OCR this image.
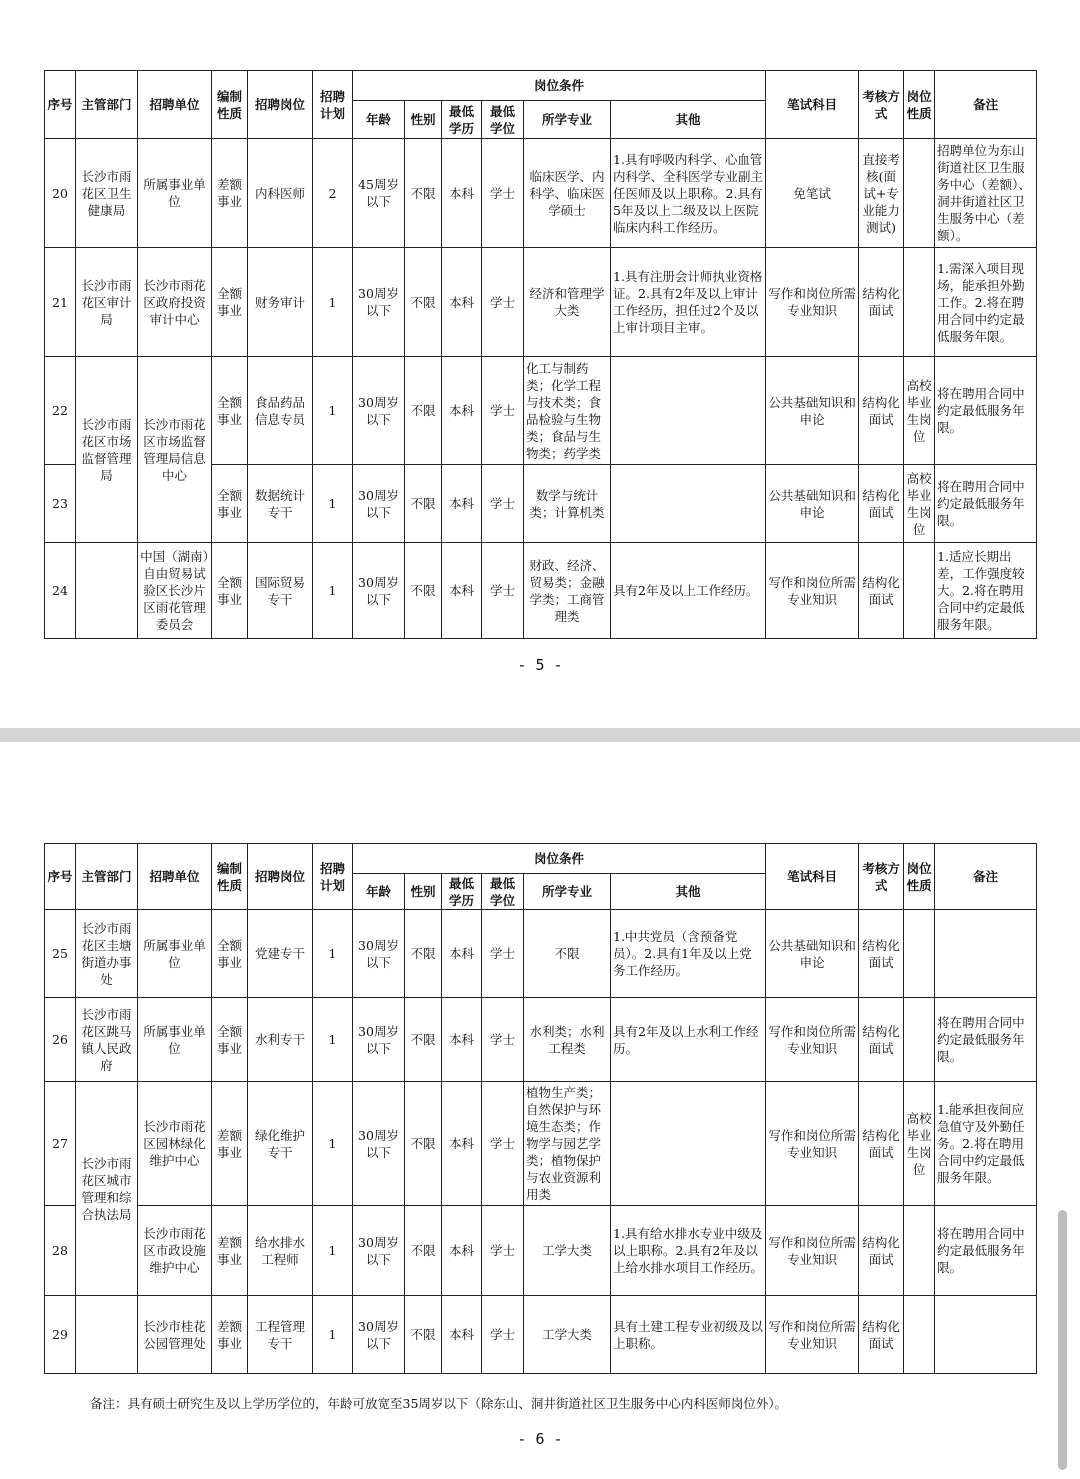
序号	主管部门	招聘单位	编制性质	招聘岗位	招聘计划	岗位条件						笔试科目	考核方式	岗位性质	备注
						年龄	性别	最低学历	最低学位	所学专业	其他				
20	长沙市雨花区卫生健康局	所属事业单位	差额事业	内科医师	2	45周岁以下	不限	本科	学士	临床医学、内科学、临床医学硕士	1.具有呼吸内科学、心血管内科学、全科医学专业副主任医师及以上职称。2.具有5年及以上二级及以上医院临床内科工作经历。	免笔试	直接考核(面试+专业能力测试)		招聘单位为东山街道社区卫生服务中心（差额）、洞井街道社区卫生服务中心（差额）。
21	长沙市雨花区审计局	长沙市雨花区政府投资审计中心	全额事业	财务审计	1	30周岁以下	不限	本科	学士	经济和管理学大类	1.具有注册会计师执业资格证。2.具有2年及以上审计工作经历，担任过2个及以上审计项目主审。	写作和岗位所需专业知识	结构化面试		1.需深入项目现场，能承担外勤工作。2.将在聘用合同中约定最低服务年限。
22	长沙市雨花区市场监督管理局	长沙市雨花区市场监督管理局信息中心	全额事业	食品药品信息专员	1	30周岁以下	不限	本科	学士	化工与制药类；化学工程与技术类；食品检验与生物类；食品与生物类；药学类		公共基础知识和申论	结构化面试	高校毕业生岗位	将在聘用合同中约定最低服务年限。
23			全额事业	数据统计专干	1	30周岁以下	不限	本科	学士	数学与统计类；计算机类		公共基础知识和申论	结构化面试	高校毕业生岗位	将在聘用合同中约定最低服务年限。
24		中国（湖南）自由贸易试验区长沙片区雨花管理委员会	全额事业	国际贸易专干	1	30周岁以下	不限	本科	学士	财政、经济、贸易类；金融学类；工商管理类	具有2年及以上工作经历。	写作和岗位所需专业知识	结构化面试		1.适应长期出差，工作强度较大。2.将在聘用合同中约定最低服务年限。
- 5 -
序号	主管部门	招聘单位	编制性质	招聘岗位	招聘计划	岗位条件						笔试科目	考核方式	岗位性质	备注
						年龄	性别	最低学历	最低学位	所学专业	其他				
25	长沙市雨花区圭塘街道办事处	所属事业单位	全额事业	党建专干	1	30周岁以下	不限	本科	学士	不限	1.中共党员（含预备党员）。2.具有1年及以上党务工作经历。	公共基础知识和申论	结构化面试		
26	长沙市雨花区跳马镇人民政府	所属事业单位	全额事业	水利专干	1	30周岁以下	不限	本科	学士	水利类；水利工程类	具有2年及以上水利工作经历。	写作和岗位所需专业知识	结构化面试		将在聘用合同中约定最低服务年限。
27	长沙市雨花区城市管理和综合执法局	长沙市雨花区园林绿化维护中心	差额事业	绿化维护专干	1	30周岁以下	不限	本科	学士	植物生产类；自然保护与环境生态类；作物学与园艺学类；植物保护与农业资源利用类		写作和岗位所需专业知识	结构化面试	高校毕业生岗位	1.能承担夜间应急值守及外勤任务。2.将在聘用合同中约定最低服务年限。
28		长沙市雨花区市政设施维护中心	差额事业	给水排水工程师	1	30周岁以下	不限	本科	学士	工学大类	1.具有给水排水专业中级及以上职称。2.具有2年及以上给水排水项目工作经历。	写作和岗位所需专业知识	结构化面试		将在聘用合同中约定最低服务年限。
29		长沙市桂花公园管理处	差额事业	工程管理专干	1	30周岁以下	不限	本科	学士	工学大类	具有土建工程专业初级及以上职称。	写作和岗位所需专业知识	结构化面试		
备注：具有硕士研究生及以上学历学位的，年龄可放宽至35周岁以下（除东山、洞井街道社区卫生服务中心内科医师岗位外）。
- 6 -
